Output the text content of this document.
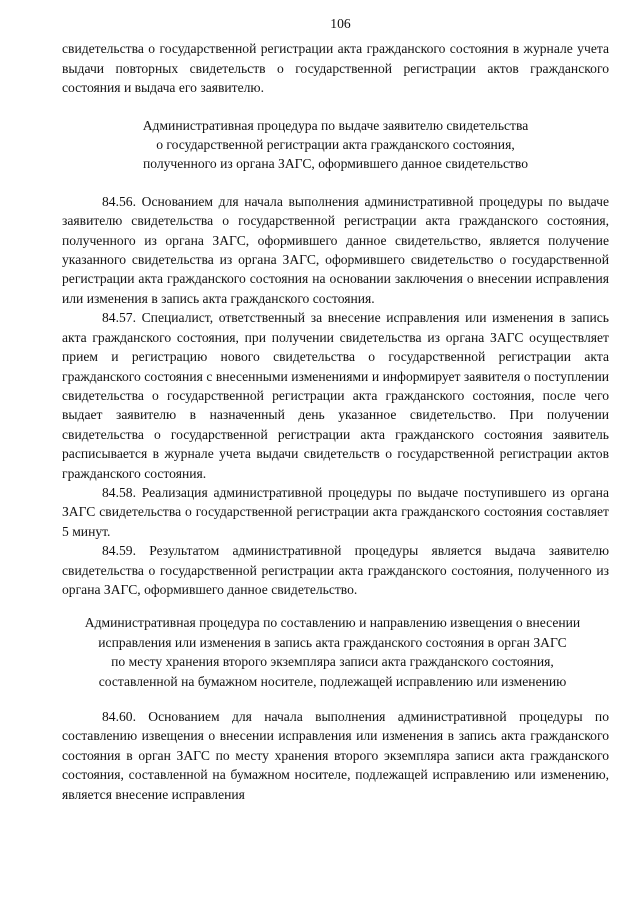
106

свидетельства о государственной регистрации акта гражданского состояния в журнале учета выдачи повторных свидетельств о государственной регистрации актов гражданского состояния и выдача его заявителю.

Административная процедура по выдаче заявителю свидетельства
о государственной регистрации акта гражданского состояния,
полученного из органа ЗАГС, оформившего данное свидетельство

84.56. Основанием для начала выполнения административной процедуры по выдаче заявителю свидетельства о государственной регистрации акта гражданского состояния, полученного из органа ЗАГС, оформившего данное свидетельство, является получение указанного свидетельства из органа ЗАГС, оформившего свидетельство о государственной регистрации акта гражданского состояния на основании заключения о внесении исправления или изменения в запись акта гражданского состояния.

84.57. Специалист, ответственный за внесение исправления или изменения в запись акта гражданского состояния, при получении свидетельства из органа ЗАГС осуществляет прием и регистрацию нового свидетельства о государственной регистрации акта гражданского состояния с внесенными изменениями и информирует заявителя о поступлении свидетельства о государственной регистрации акта гражданского состояния, после чего выдает заявителю в назначенный день указанное свидетельство. При получении свидетельства о государственной регистрации акта гражданского состояния заявитель расписывается в журнале учета выдачи свидетельств о государственной регистрации актов гражданского состояния.

84.58. Реализация административной процедуры по выдаче поступившего из органа ЗАГС свидетельства о государственной регистрации акта гражданского состояния составляет 5 минут.

84.59. Результатом административной процедуры является выдача заявителю свидетельства о государственной регистрации акта гражданского состояния, полученного из органа ЗАГС, оформившего данное свидетельство.

Административная процедура по составлению и направлению извещения о внесении
исправления или изменения в запись акта гражданского состояния в орган ЗАГС
по месту хранения второго экземпляра записи акта гражданского состояния,
составленной на бумажном носителе, подлежащей исправлению или изменению

84.60. Основанием для начала выполнения административной процедуры по составлению извещения о внесении исправления или изменения в запись акта гражданского состояния в орган ЗАГС по месту хранения второго экземпляра записи акта гражданского состояния, составленной на бумажном носителе, подлежащей исправлению или изменению, является внесение исправления
